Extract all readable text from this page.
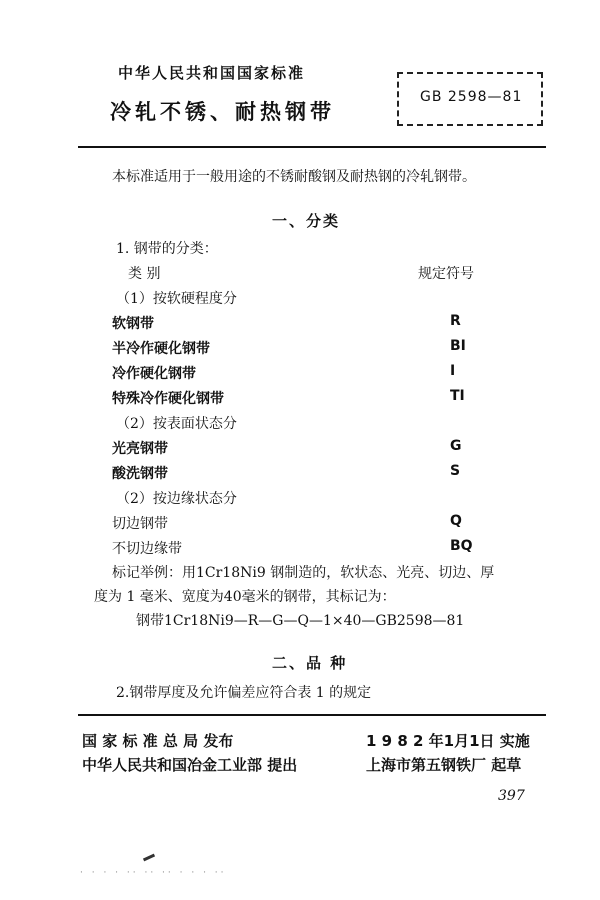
中华人民共和国国家标准
冷轧不锈、耐热钢带
GB 2598—81
本标准适用于一般用途的不锈耐酸钢及耐热钢的冷轧钢带。
一、分类
1. 钢带的分类：
类 别	规定符号
（1）按软硬程度分
软钢带	R
半冷作硬化钢带	BI
冷作硬化钢带	I
特殊冷作硬化钢带	TI
（2）按表面状态分
光亮钢带	G
酸洗钢带	S
（2）按边缘状态分
切边钢带	Q
不切边缘带	BQ
标记举例：用1Cr18Ni9 钢制造的，软状态、光亮、切边、厚
度为 1 毫米、宽度为40毫米的钢带，其标记为：
钢带1Cr18Ni9—R—G—Q—1×40—GB2598—81
二、品 种
2.钢带厚度及允许偏差应符合表 1 的规定
国 家 标 准 总 局 发布	1 9 8 2 年1月1日 实施
中华人民共和国冶金工业部 提出	上海市第五钢铁厂 起草
397
· · · · ·· ·· ·· · · · ··
